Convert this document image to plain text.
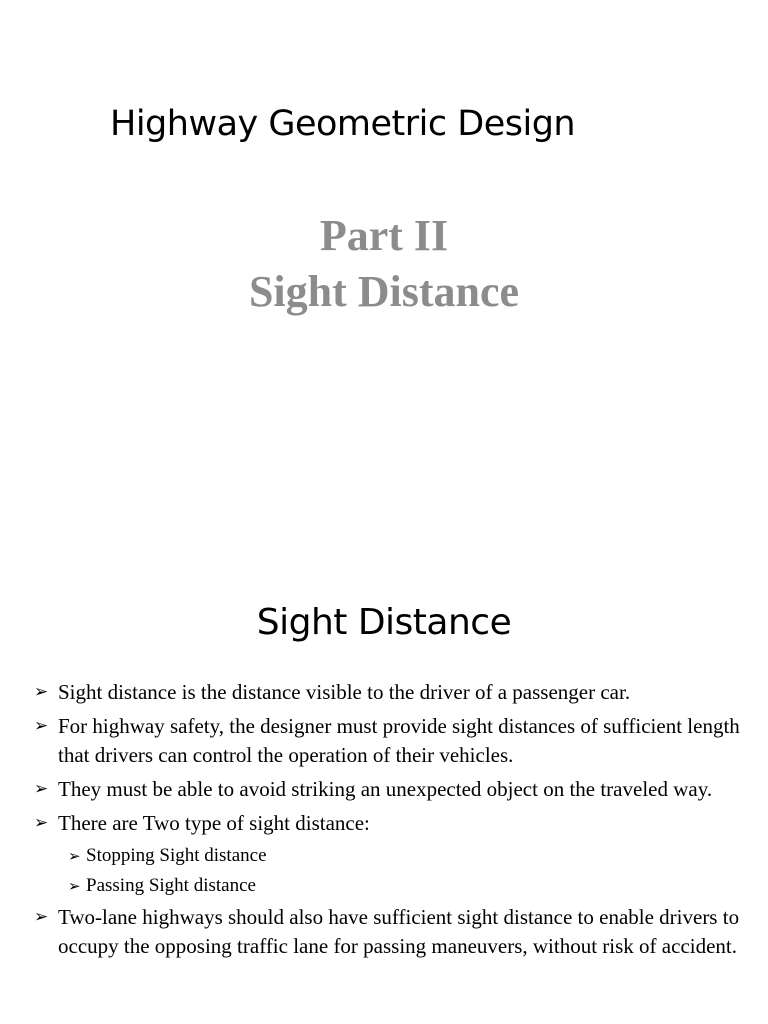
Highway Geometric Design
Part II
Sight Distance
Sight Distance
➢ Sight distance is the distance visible to the driver of a passenger car.
➢ For highway safety, the designer must provide sight distances of sufficient length that drivers can control the operation of their vehicles.
➢ They must be able to avoid striking an unexpected object on the traveled way.
➢ There are Two type of sight distance:
➢ Stopping Sight distance
➢ Passing Sight distance
➢ Two-lane highways should also have sufficient sight distance to enable drivers to occupy the opposing traffic lane for passing maneuvers, without risk of accident.
